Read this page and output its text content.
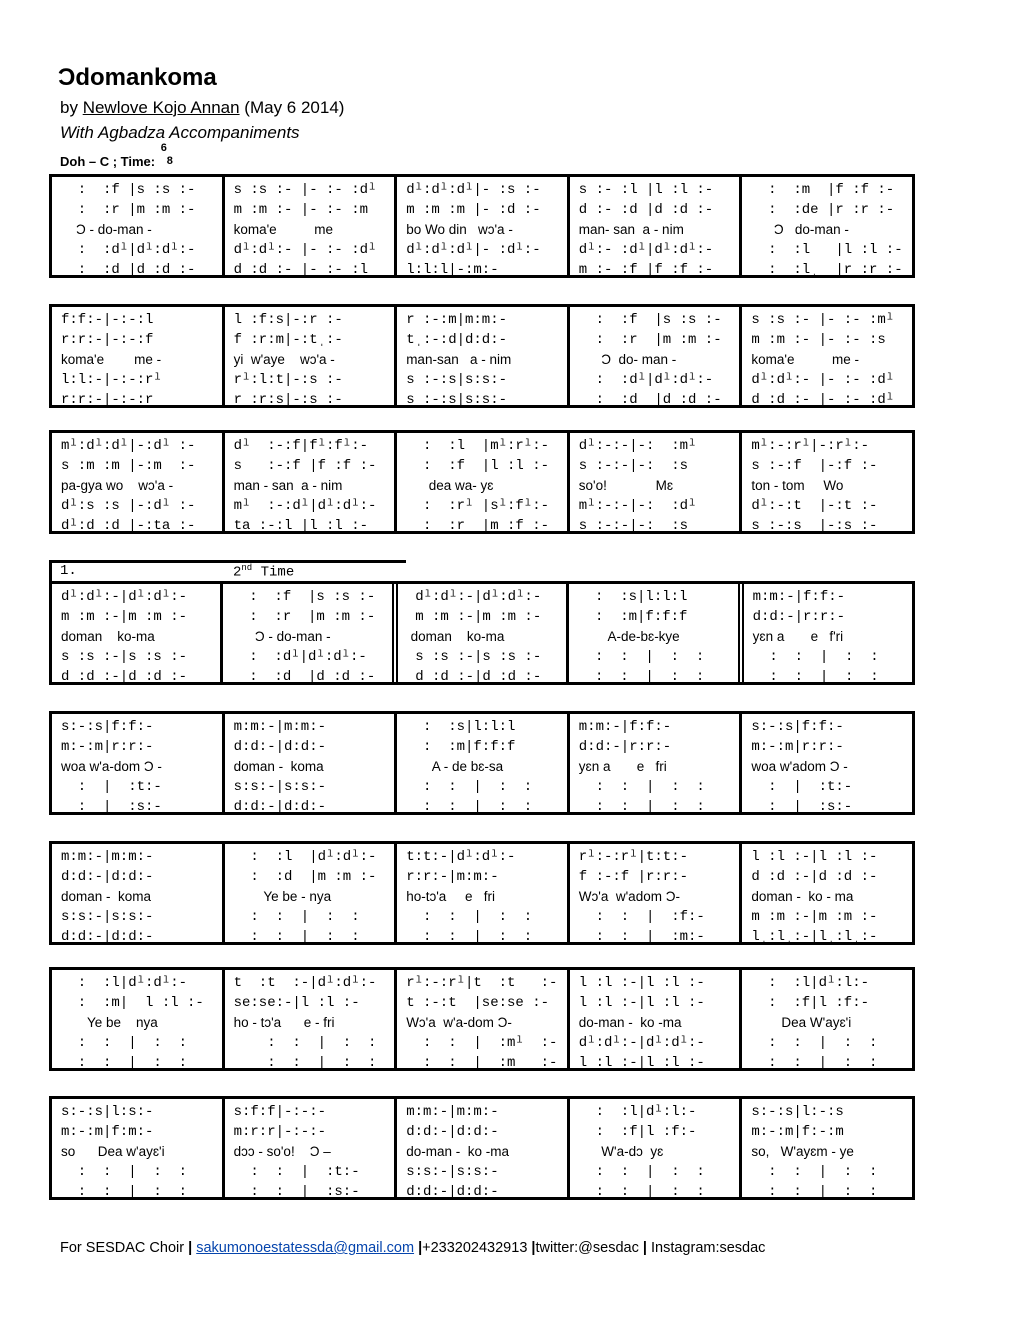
Ɔdomankoma
by Newlove Kojo Annan (May 6 2014)
With Agbadza Accompaniments
Doh – C ; Time:
6
8
1.	2nd Time
:  :f |s :s :-
:  :r |m :m :-
Ɔ - do-man -
:  :dˡ|dˡ:dˡ:-
:  :d |d :d :-
s :s :- |- :- :dˡ
m :m :- |- :- :m
koma'e          me
dˡ:dˡ:- |- :- :dˡ
d :d :- |- :- :l
dˡ:dˡ:dˡ|- :s :-
m :m :m |- :d :-
bo Wo din   wɔ'a -
dˡ:dˡ:dˡ|- :dˡ:-
l:l:l|-:m:-
s :- :l |l :l :-
d :- :d |d :d :-
man- san  a - nim
dˡ:- :dˡ|dˡ:dˡ:-
m :- :f |f :f :-
:  :m  |f :f :-
:  :de |r :r :-
Ɔ   do-man -
:  :l   |l :l :-
:  :lˌ  |r :r :-
f:f:-|-:-:l
r:r:-|-:-:f
koma'e        me -
l:l:-|-:-:rˡ
r:r:-|-:-:r
l :f:s|-:r :-
f :r:m|-:tˌ:-
yi  w'aye    wɔ'a -
rˡ:l:t|-:s :-
r :r:s|-:s :-
r :-:m|m:m:-
tˌ:-:d|d:d:-
man-san   a - nim
s :-:s|s:s:-
s :-:s|s:s:-
:  :f  |s :s :-
:  :r  |m :m :-
Ɔ  do- man -
:  :dˡ|dˡ:dˡ:-
:  :d  |d :d :-
s :s :- |- :- :mˡ
m :m :- |- :- :s
koma'e          me -
dˡ:dˡ:- |- :- :dˡ
d :d :- |- :- :dˡ
mˡ:dˡ:dˡ|-:dˡ :-
s :m :m |-:m  :-
pa-gya wo    wɔ'a -
dˡ:s :s |-:dˡ :-
dˡ:d :d |-:ta :-
dˡ  :-:f|fˡ:fˡ:-
s   :-:f |f :f :-
man - san  a - nim
mˡ  :-:dˡ|dˡ:dˡ:-
ta :-:l |l :l :-
:  :l  |mˡ:rˡ:-
:  :f  |l :l :-
dea wa- yɛ
:  :rˡ |sˡ:fˡ:-
:  :r  |m :f :-
dˡ:-:-|-:  :mˡ
s :-:-|-:  :s
so'o!             Mɛ
mˡ:-:-|-:  :dˡ
s :-:-|-:  :s
mˡ:-:rˡ|-:rˡ:-
s :-:f  |-:f :-
ton - tom     Wo
dˡ:-:t  |-:t :-
s :-:s  |-:s :-
dˡ:dˡ:-|dˡ:dˡ:-
m :m :-|m :m :-
doman    ko-ma
s :s :-|s :s :-
d :d :-|d :d :-
:  :f  |s :s :-
:  :r  |m :m :-
Ɔ - do-man -
:  :dˡ|dˡ:dˡ:-
:  :d  |d :d :-
dˡ:dˡ:-|dˡ:dˡ:-
m :m :-|m :m :-
doman    ko-ma
s :s :-|s :s :-
d :d :-|d :d :-
:  :s|l:l:l
:  :m|f:f:f
A-de-bɛ-kye
:  :  |  :  :
:  :  |  :  :
m:m:-|f:f:-
d:d:-|r:r:-
yɛn a       e   f'ri
:  :  |  :  :
:  :  |  :  :
s:-:s|f:f:-
m:-:m|r:r:-
woa w'a-dom Ɔ -
:  |  :t:-
:  |  :s:-
m:m:-|m:m:-
d:d:-|d:d:-
doman -  koma
s:s:-|s:s:-
d:d:-|d:d:-
:  :s|l:l:l
:  :m|f:f:f
A - de bɛ-sa
:  :  |  :  :
:  :  |  :  :
m:m:-|f:f:-
d:d:-|r:r:-
yɛn a       e   fri
:  :  |  :  :
:  :  |  :  :
s:-:s|f:f:-
m:-:m|r:r:-
woa w'adom Ɔ -
:  |  :t:-
:  |  :s:-
m:m:-|m:m:-
d:d:-|d:d:-
doman -  koma
s:s:-|s:s:-
d:d:-|d:d:-
:  :l  |dˡ:dˡ:-
:  :d  |m :m :-
Ye be - nya
:  :  |  :  :
:  :  |  :  :
t:t:-|dˡ:dˡ:-
r:r:-|m:m:-
ho-tɔ'a     e   fri
:  :  |  :  :
:  :  |  :  :
rˡ:-:rˡ|t:t:-
f :-:f |r:r:-
Wɔ'a  w'adom Ɔ-
:  :  |  :f:-
:  :  |  :m:-
l :l :-|l :l :-
d :d :-|d :d :-
doman -  ko - ma
m :m :-|m :m :-
lˌ:lˌ:-|lˌ:lˌ:-
:  :l|dˡ:dˡ:-
:  :m|  l :l :-
Ye be    nya
:  :  |  :  :
:  :  |  :  :
t  :t  :-|dˡ:dˡ:-
se:se:-|l :l :-
ho - tɔ'a      e - fri
:  :  |  :  :
:  :  |  :  :
rˡ:-:rˡ|t  :t   :-
t :-:t  |se:se :-
Wɔ'a  w'a-dom Ɔ-
:  :  |  :mˡ  :-
:  :  |  :m   :-
l :l :-|l :l :-
l :l :-|l :l :-
do-man -  ko -ma
dˡ:dˡ:-|dˡ:dˡ:-
l :l :-|l :l :-
:  :l|dˡ:l:-
:  :f|l :f:-
Dea W'ayɛ'i
:  :  |  :  :
:  :  |  :  :
s:-:s|l:s:-
m:-:m|f:m:-
so      Dea w'ayɛ'i
:  :  |  :  :
:  :  |  :  :
s:f:f|-:-:-
m:r:r|-:-:-
dɔɔ - so'o!    Ɔ –
:  :  |  :t:-
:  :  |  :s:-
m:m:-|m:m:-
d:d:-|d:d:-
do-man -  ko -ma
s:s:-|s:s:-
d:d:-|d:d:-
:  :l|dˡ:l:-
:  :f|l :f:-
W'a-dɔ  yɛ
:  :  |  :  :
:  :  |  :  :
s:-:s|l:-:s
m:-:m|f:-:m
so,   W'ayɛm - ye
:  :  |  :  :
:  :  |  :  :
For SESDAC Choir | sakumonoestatessda@gmail.com |+233202432913 |twitter:@sesdac | Instagram:sesdac
